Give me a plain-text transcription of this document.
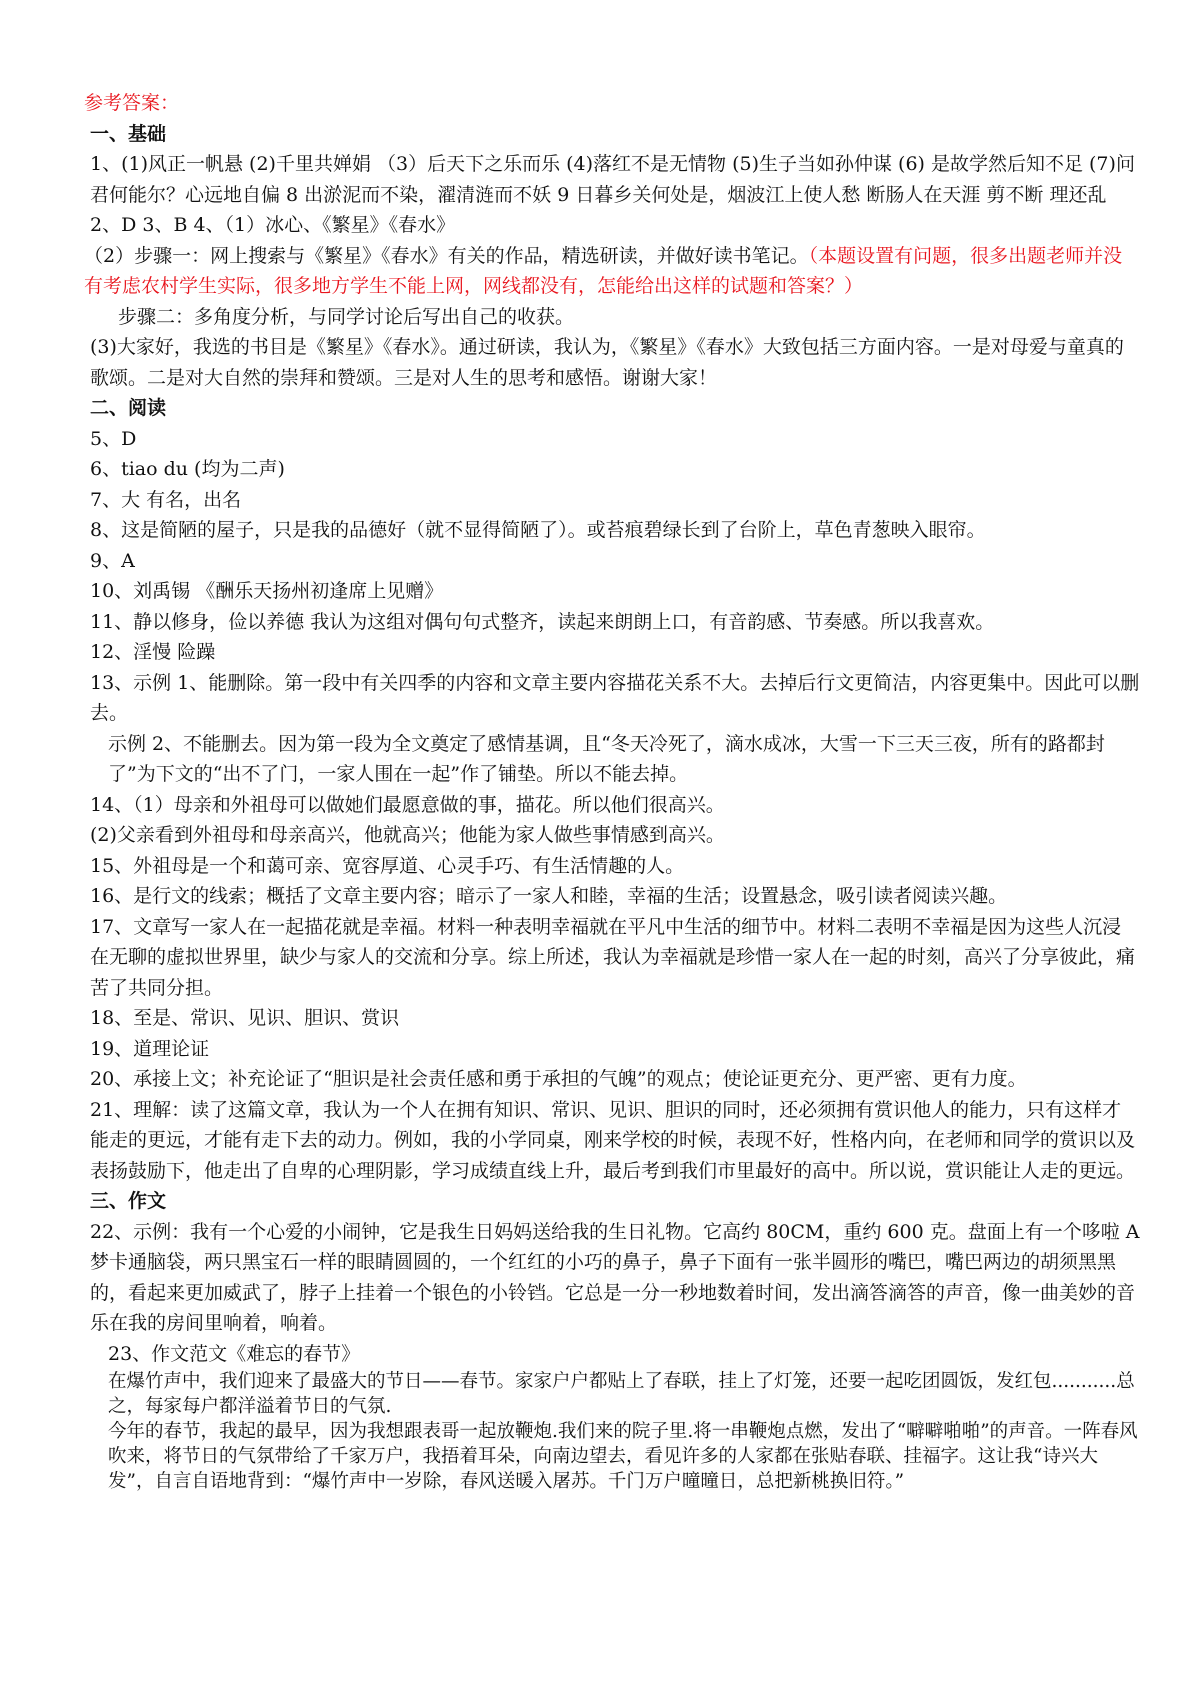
参考答案：

一、基础

1、(1)风正一帆悬 (2)千里共婵娟 （3）后天下之乐而乐 (4)落红不是无情物 (5)生子当如孙仲谋 (6) 是故学然后知不足 (7)问君何能尔？心远地自偏 8 出淤泥而不染，濯清涟而不妖 9 日暮乡关何处是，烟波江上使人愁 断肠人在天涯 剪不断 理还乱

2、D 3、B 4、（1）冰心、《繁星》《春水》

（2）步骤一：网上搜索与《繁星》《春水》有关的作品，精选研读，并做好读书笔记。（本题设置有问题，很多出题老师并没有考虑农村学生实际，很多地方学生不能上网，网线都没有，怎能给出这样的试题和答案？）

步骤二：多角度分析，与同学讨论后写出自己的收获。

(3)大家好，我选的书目是《繁星》《春水》。通过研读，我认为，《繁星》《春水》大致包括三方面内容。一是对母爱与童真的歌颂。二是对大自然的崇拜和赞颂。三是对人生的思考和感悟。谢谢大家！

二、阅读

5、D

6、tiao du (均为二声)

7、大 有名，出名

8、这是简陋的屋子，只是我的品德好（就不显得简陋了）。或苔痕碧绿长到了台阶上，草色青葱映入眼帘。

9、A

10、刘禹锡 《酬乐天扬州初逢席上见赠》

11、静以修身，俭以养德 我认为这组对偶句句式整齐，读起来朗朗上口，有音韵感、节奏感。所以我喜欢。

12、淫慢 险躁

13、示例 1、能删除。第一段中有关四季的内容和文章主要内容描花关系不大。去掉后行文更简洁，内容更集中。因此可以删去。

示例 2、不能删去。因为第一段为全文奠定了感情基调，且“冬天冷死了，滴水成冰，大雪一下三天三夜，所有的路都封了”为下文的“出不了门，一家人围在一起”作了铺垫。所以不能去掉。

14、（1）母亲和外祖母可以做她们最愿意做的事，描花。所以他们很高兴。

(2)父亲看到外祖母和母亲高兴，他就高兴；他能为家人做些事情感到高兴。

15、外祖母是一个和蔼可亲、宽容厚道、心灵手巧、有生活情趣的人。

16、是行文的线索；概括了文章主要内容；暗示了一家人和睦，幸福的生活；设置悬念，吸引读者阅读兴趣。

17、文章写一家人在一起描花就是幸福。材料一种表明幸福就在平凡中生活的细节中。材料二表明不幸福是因为这些人沉浸在无聊的虚拟世界里，缺少与家人的交流和分享。综上所述，我认为幸福就是珍惜一家人在一起的时刻，高兴了分享彼此，痛苦了共同分担。

18、至是、常识、见识、胆识、赏识

19、道理论证

20、承接上文；补充论证了“胆识是社会责任感和勇于承担的气魄”的观点；使论证更充分、更严密、更有力度。

21、理解：读了这篇文章，我认为一个人在拥有知识、常识、见识、胆识的同时，还必须拥有赏识他人的能力，只有这样才能走的更远，才能有走下去的动力。例如，我的小学同桌，刚来学校的时候，表现不好，性格内向，在老师和同学的赏识以及表扬鼓励下，他走出了自卑的心理阴影，学习成绩直线上升，最后考到我们市里最好的高中。所以说，赏识能让人走的更远。

三、作文

22、示例：我有一个心爱的小闹钟，它是我生日妈妈送给我的生日礼物。它高约 80CM，重约 600 克。盘面上有一个哆啦 A 梦卡通脑袋，两只黑宝石一样的眼睛圆圆的，一个红红的小巧的鼻子，鼻子下面有一张半圆形的嘴巴，嘴巴两边的胡须黑黑的，看起来更加威武了，脖子上挂着一个银色的小铃铛。它总是一分一秒地数着时间，发出滴答滴答的声音，像一曲美妙的音乐在我的房间里响着，响着。

23、作文范文《难忘的春节》

在爆竹声中，我们迎来了最盛大的节日——春节。家家户户都贴上了春联，挂上了灯笼，还要一起吃团圆饭，发红包...........总之，每家每户都洋溢着节日的气氛.

今年的春节，我起的最早，因为我想跟表哥一起放鞭炮.我们来的院子里.将一串鞭炮点燃，发出了“噼噼啪啪”的声音。一阵春风吹来，将节日的气氛带给了千家万户，我捂着耳朵，向南边望去，看见许多的人家都在张贴春联、挂福字。这让我“诗兴大发”，自言自语地背到：“爆竹声中一岁除，春风送暖入屠苏。千门万户曈曈日，总把新桃换旧符。”
